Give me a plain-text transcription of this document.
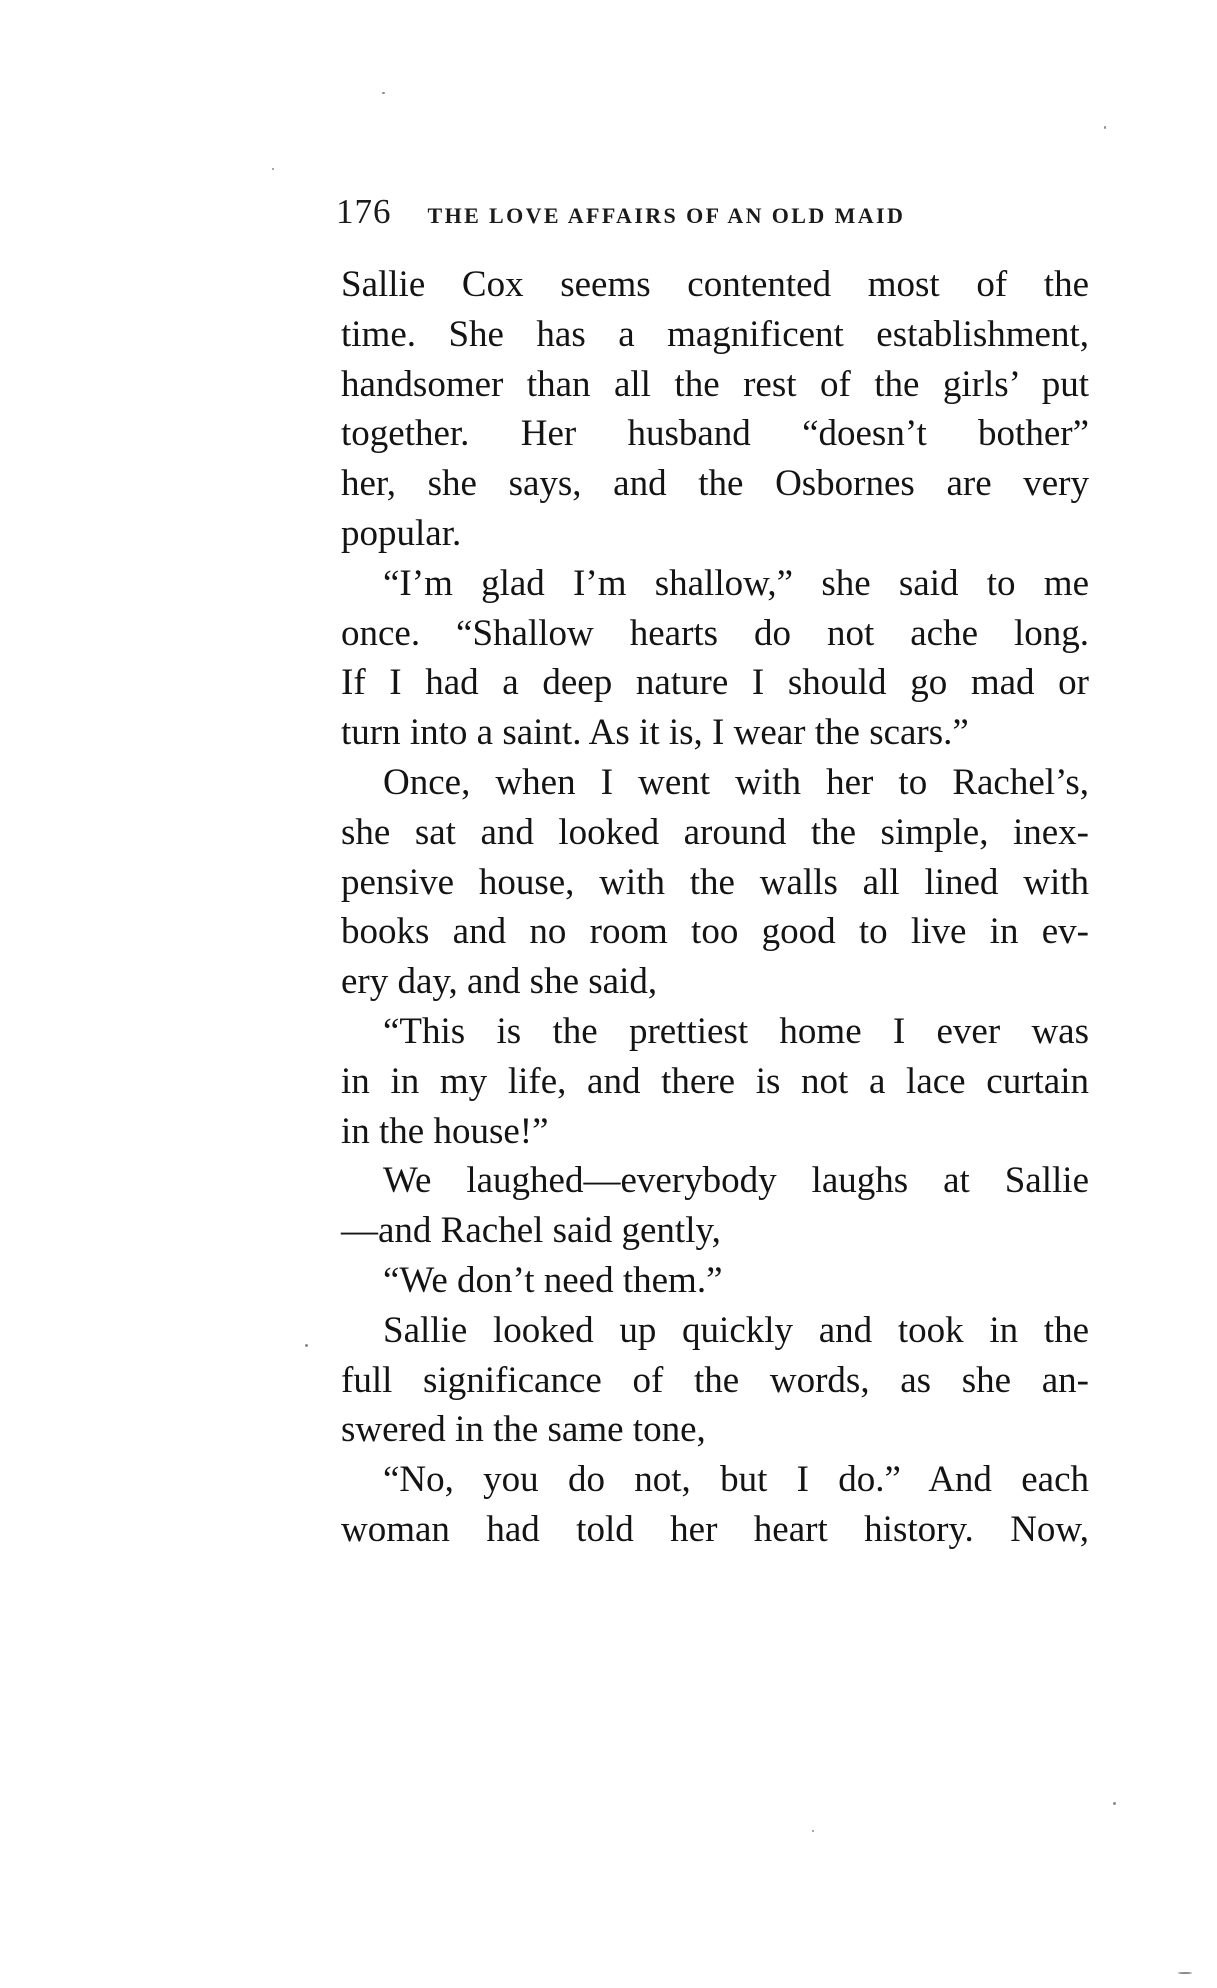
176 THE LOVE AFFAIRS OF AN OLD MAID
Sallie Cox seems contented most of the
time. She has a magnificent establishment,
handsomer than all the rest of the girls’ put
together. Her husband “doesn’t bother”
her, she says, and the Osbornes are very
popular.
“I’m glad I’m shallow,” she said to me
once. “Shallow hearts do not ache long.
If I had a deep nature I should go mad or
turn into a saint. As it is, I wear the scars.”
Once, when I went with her to Rachel’s,
she sat and looked around the simple, inex-
pensive house, with the walls all lined with
books and no room too good to live in ev-
ery day, and she said,
“This is the prettiest home I ever was
in in my life, and there is not a lace curtain
in the house!”
We laughed—everybody laughs at Sallie
—and Rachel said gently,
“We don’t need them.”
Sallie looked up quickly and took in the
full significance of the words, as she an-
swered in the same tone,
“No, you do not, but I do.” And each
woman had told her heart history. Now,
